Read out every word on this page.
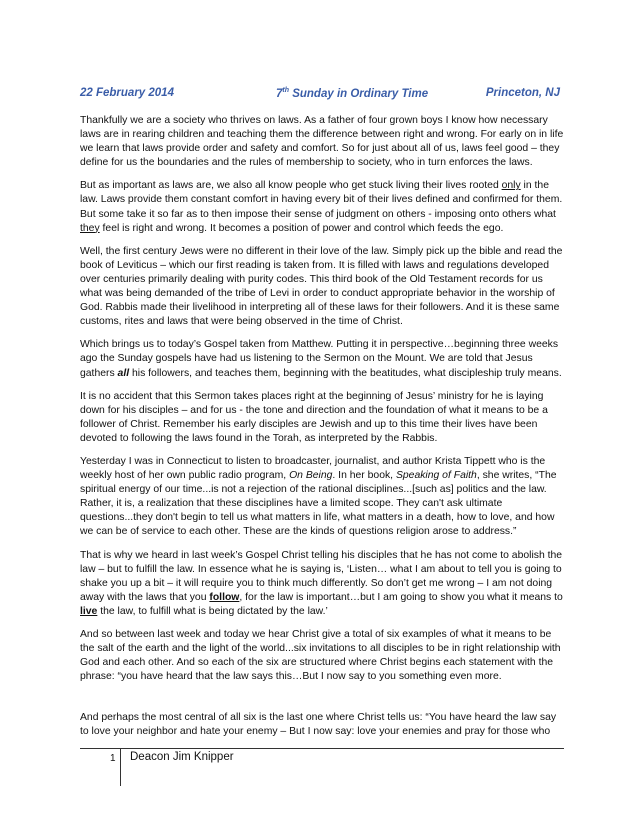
22 February 2014	7th Sunday in Ordinary Time	Princeton, NJ

Thankfully we are a society who thrives on laws. As a father of four grown boys I know how necessary laws are in rearing children and teaching them the difference between right and wrong. For early on in life we learn that laws provide order and safety and comfort. So for just about all of us, laws feel good – they define for us the boundaries and the rules of membership to society, who in turn enforces the laws.

But as important as laws are, we also all know people who get stuck living their lives rooted only in the law. Laws provide them constant comfort in having every bit of their lives defined and confirmed for them. But some take it so far as to then impose their sense of judgment on others - imposing onto others what they feel is right and wrong. It becomes a position of power and control which feeds the ego.

Well, the first century Jews were no different in their love of the law. Simply pick up the bible and read the book of Leviticus – which our first reading is taken from. It is filled with laws and regulations developed over centuries primarily dealing with purity codes. This third book of the Old Testament records for us what was being demanded of the tribe of Levi in order to conduct appropriate behavior in the worship of God. Rabbis made their livelihood in interpreting all of these laws for their followers. And it is these same customs, rites and laws that were being observed in the time of Christ.

Which brings us to today’s Gospel taken from Matthew. Putting it in perspective…beginning three weeks ago the Sunday gospels have had us listening to the Sermon on the Mount. We are told that Jesus gathers all his followers, and teaches them, beginning with the beatitudes, what discipleship truly means.

It is no accident that this Sermon takes places right at the beginning of Jesus’ ministry for he is laying down for his disciples – and for us - the tone and direction and the foundation of what it means to be a follower of Christ. Remember his early disciples are Jewish and up to this time their lives have been devoted to following the laws found in the Torah, as interpreted by the Rabbis.

Yesterday I was in Connecticut to listen to broadcaster, journalist, and author Krista Tippett who is the weekly host of her own public radio program, On Being. In her book, Speaking of Faith, she writes, “The spiritual energy of our time...is not a rejection of the rational disciplines...[such as] politics and the law. Rather, it is, a realization that these disciplines have a limited scope. They can't ask ultimate questions...they don't begin to tell us what matters in life, what matters in a death, how to love, and how we can be of service to each other. These are the kinds of questions religion arose to address.”

That is why we heard in last week’s Gospel Christ telling his disciples that he has not come to abolish the law – but to fulfill the law. In essence what he is saying is, ‘Listen… what I am about to tell you is going to shake you up a bit – it will require you to think much differently. So don’t get me wrong – I am not doing away with the laws that you follow, for the law is important…but I am going to show you what it means to live the law, to fulfill what is being dictated by the law.’

And so between last week and today we hear Christ give a total of six examples of what it means to be the salt of the earth and the light of the world...six invitations to all disciples to be in right relationship with God and each other. And so each of the six are structured where Christ begins each statement with the phrase: “you have heard that the law says this…But I now say to you something even more.

And perhaps the most central of all six is the last one where Christ tells us: “You have heard the law say to love your neighbor and hate your enemy – But I now say: love your enemies and pray for those who

1 Deacon Jim Knipper
